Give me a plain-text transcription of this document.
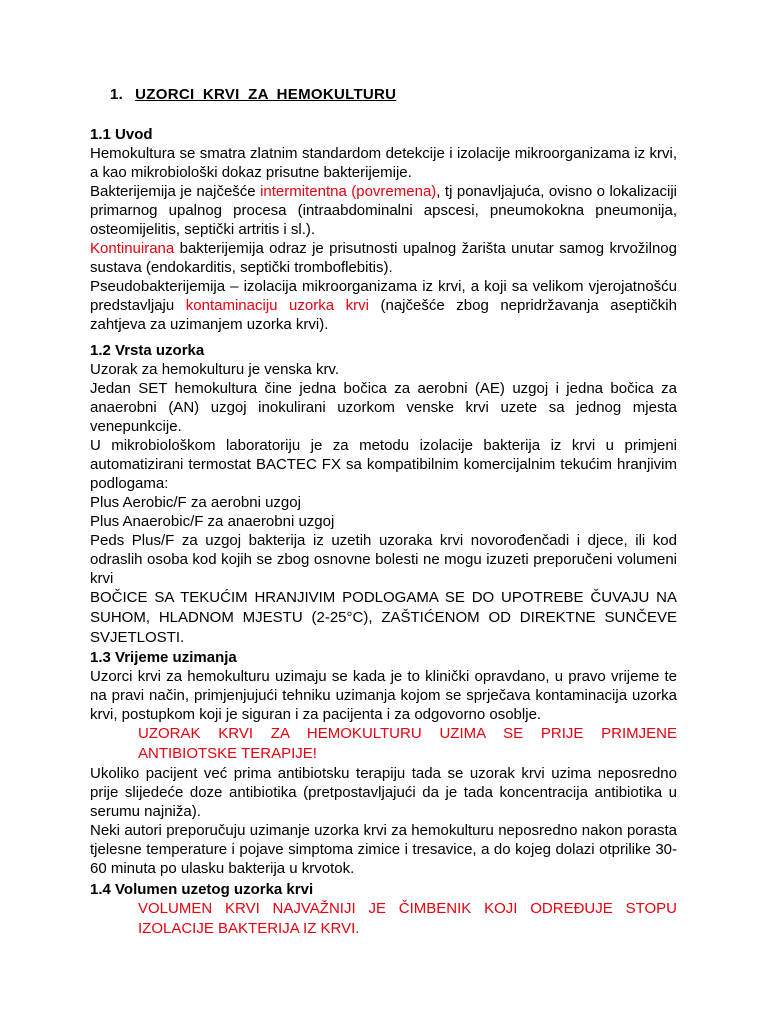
1. UZORCI KRVI ZA HEMOKULTURU

1.1 Uvod

Hemokultura se smatra zlatnim standardom detekcije i izolacije mikroorganizama iz krvi, a kao mikrobiološki dokaz prisutne bakterijemije.

Bakterijemija je najčešće intermitentna (povremena), tj ponavljajuća, ovisno o lokalizaciji primarnog upalnog procesa (intraabdominalni apscesi, pneumokokna pneumonija, osteomijelitis, septički artritis i sl.).

Kontinuirana bakterijemija odraz je prisutnosti upalnog žarišta unutar samog krvožilnog sustava (endokarditis, septički tromboflebitis).

Pseudobakterijemija – izolacija mikroorganizama iz krvi, a koji sa velikom vjerojatnošću predstavljaju kontaminaciju uzorka krvi (najčešće zbog nepridržavanja aseptičkih zahtjeva za uzimanjem uzorka krvi).

1.2 Vrsta uzorka

Uzorak za hemokulturu je venska krv.

Jedan SET hemokultura čine jedna bočica za aerobni (AE) uzgoj i jedna bočica za anaerobni (AN) uzgoj inokulirani uzorkom venske krvi uzete sa jednog mjesta venepunkcije.

U mikrobiološkom laboratoriju je za metodu izolacije bakterija iz krvi u primjeni automatizirani termostat BACTEC FX sa kompatibilnim komercijalnim tekućim hranjivim podlogama:

Plus Aerobic/F za aerobni uzgoj

Plus Anaerobic/F za anaerobni uzgoj

Peds Plus/F za uzgoj bakterija iz uzetih uzoraka krvi novorođenčadi i djece, ili kod odraslih osoba kod kojih se zbog osnovne bolesti ne mogu izuzeti preporučeni volumeni krvi

BOČICE SA TEKUĆIM HRANJIVIM PODLOGAMA SE DO UPOTREBE ČUVAJU NA SUHOM, HLADNOM MJESTU (2-25°C), ZAŠTIĆENOM OD DIREKTNE SUNČEVE SVJETLOSTI.

1.3 Vrijeme uzimanja

Uzorci krvi za hemokulturu uzimaju se kada je to klinički opravdano, u pravo vrijeme te na pravi način, primjenjujući tehniku uzimanja kojom se sprječava kontaminacija uzorka krvi, postupkom koji je siguran i za pacijenta i za odgovorno osoblje.

UZORAK KRVI ZA HEMOKULTURU UZIMA SE PRIJE PRIMJENE ANTIBIOTSKE TERAPIJE!

Ukoliko pacijent već prima antibiotsku terapiju tada se uzorak krvi uzima neposredno prije slijedeće doze antibiotika (pretpostavljajući da je tada koncentracija antibiotika u serumu najniža).

Neki autori preporučuju uzimanje uzorka krvi za hemokulturu neposredno nakon porasta tjelesne temperature i pojave simptoma zimice i tresavice, a do kojeg dolazi otprilike 30-60 minuta po ulasku bakterija u krvotok.

1.4 Volumen uzetog uzorka krvi

VOLUMEN KRVI NAJVAŽNIJI JE ČIMBENIK KOJI ODREĐUJE STOPU IZOLACIJE BAKTERIJA IZ KRVI.
